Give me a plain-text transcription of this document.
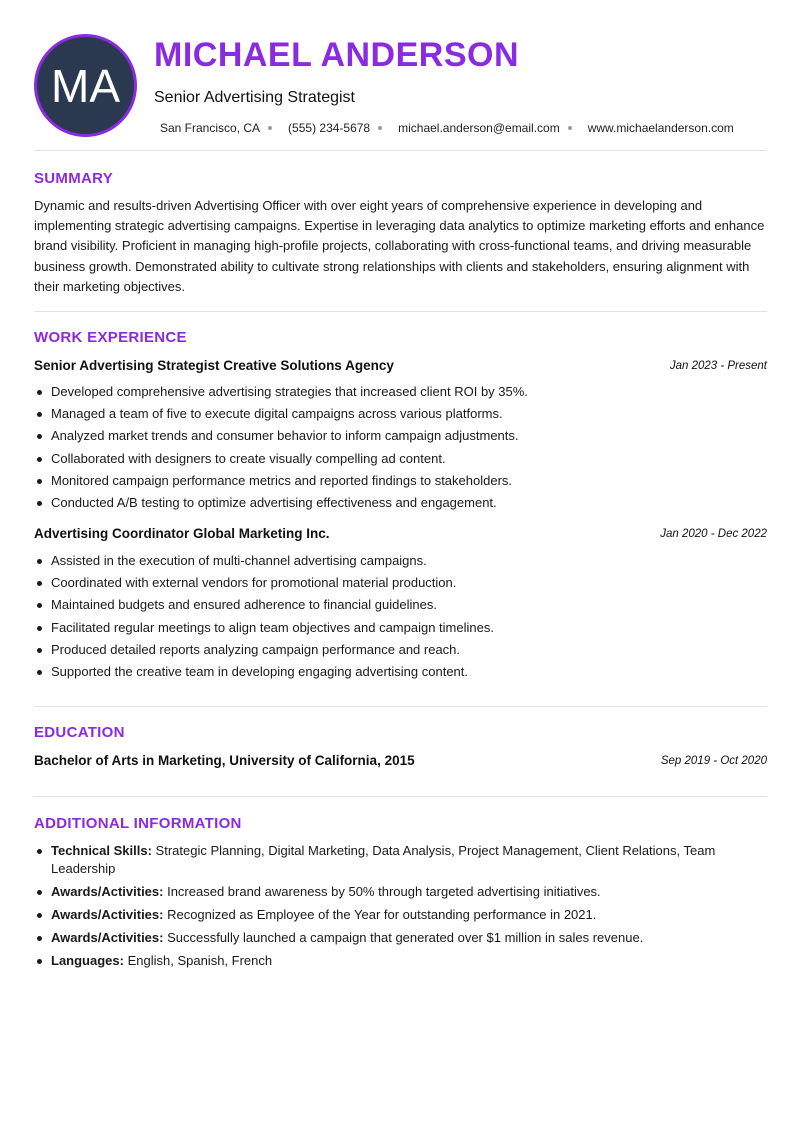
MA
MICHAEL ANDERSON
Senior Advertising Strategist
San Francisco, CA (555) 234-5678 michael.anderson@email.com www.michaelanderson.com
SUMMARY

Dynamic and results-driven Advertising Officer with over eight years of comprehensive experience in developing and implementing strategic advertising campaigns. Expertise in leveraging data analytics to optimize marketing efforts and enhance brand visibility. Proficient in managing high-profile projects, collaborating with cross-functional teams, and driving measurable business growth. Demonstrated ability to cultivate strong relationships with clients and stakeholders, ensuring alignment with their marketing objectives.

WORK EXPERIENCE
Senior Advertising Strategist Creative Solutions Agency	Jan 2023 - Present
Developed comprehensive advertising strategies that increased client ROI by 35%.
Managed a team of five to execute digital campaigns across various platforms.
Analyzed market trends and consumer behavior to inform campaign adjustments.
Collaborated with designers to create visually compelling ad content.
Monitored campaign performance metrics and reported findings to stakeholders.
Conducted A/B testing to optimize advertising effectiveness and engagement.
Advertising Coordinator Global Marketing Inc.	Jan 2020 - Dec 2022
Assisted in the execution of multi-channel advertising campaigns.
Coordinated with external vendors for promotional material production.
Maintained budgets and ensured adherence to financial guidelines.
Facilitated regular meetings to align team objectives and campaign timelines.
Produced detailed reports analyzing campaign performance and reach.
Supported the creative team in developing engaging advertising content.
EDUCATION
Bachelor of Arts in Marketing, University of California, 2015	Sep 2019 - Oct 2020
ADDITIONAL INFORMATION
Technical Skills: Strategic Planning, Digital Marketing, Data Analysis, Project Management, Client Relations, Team Leadership
Awards/Activities: Increased brand awareness by 50% through targeted advertising initiatives.
Awards/Activities: Recognized as Employee of the Year for outstanding performance in 2021.
Awards/Activities: Successfully launched a campaign that generated over $1 million in sales revenue.
Languages: English, Spanish, French
